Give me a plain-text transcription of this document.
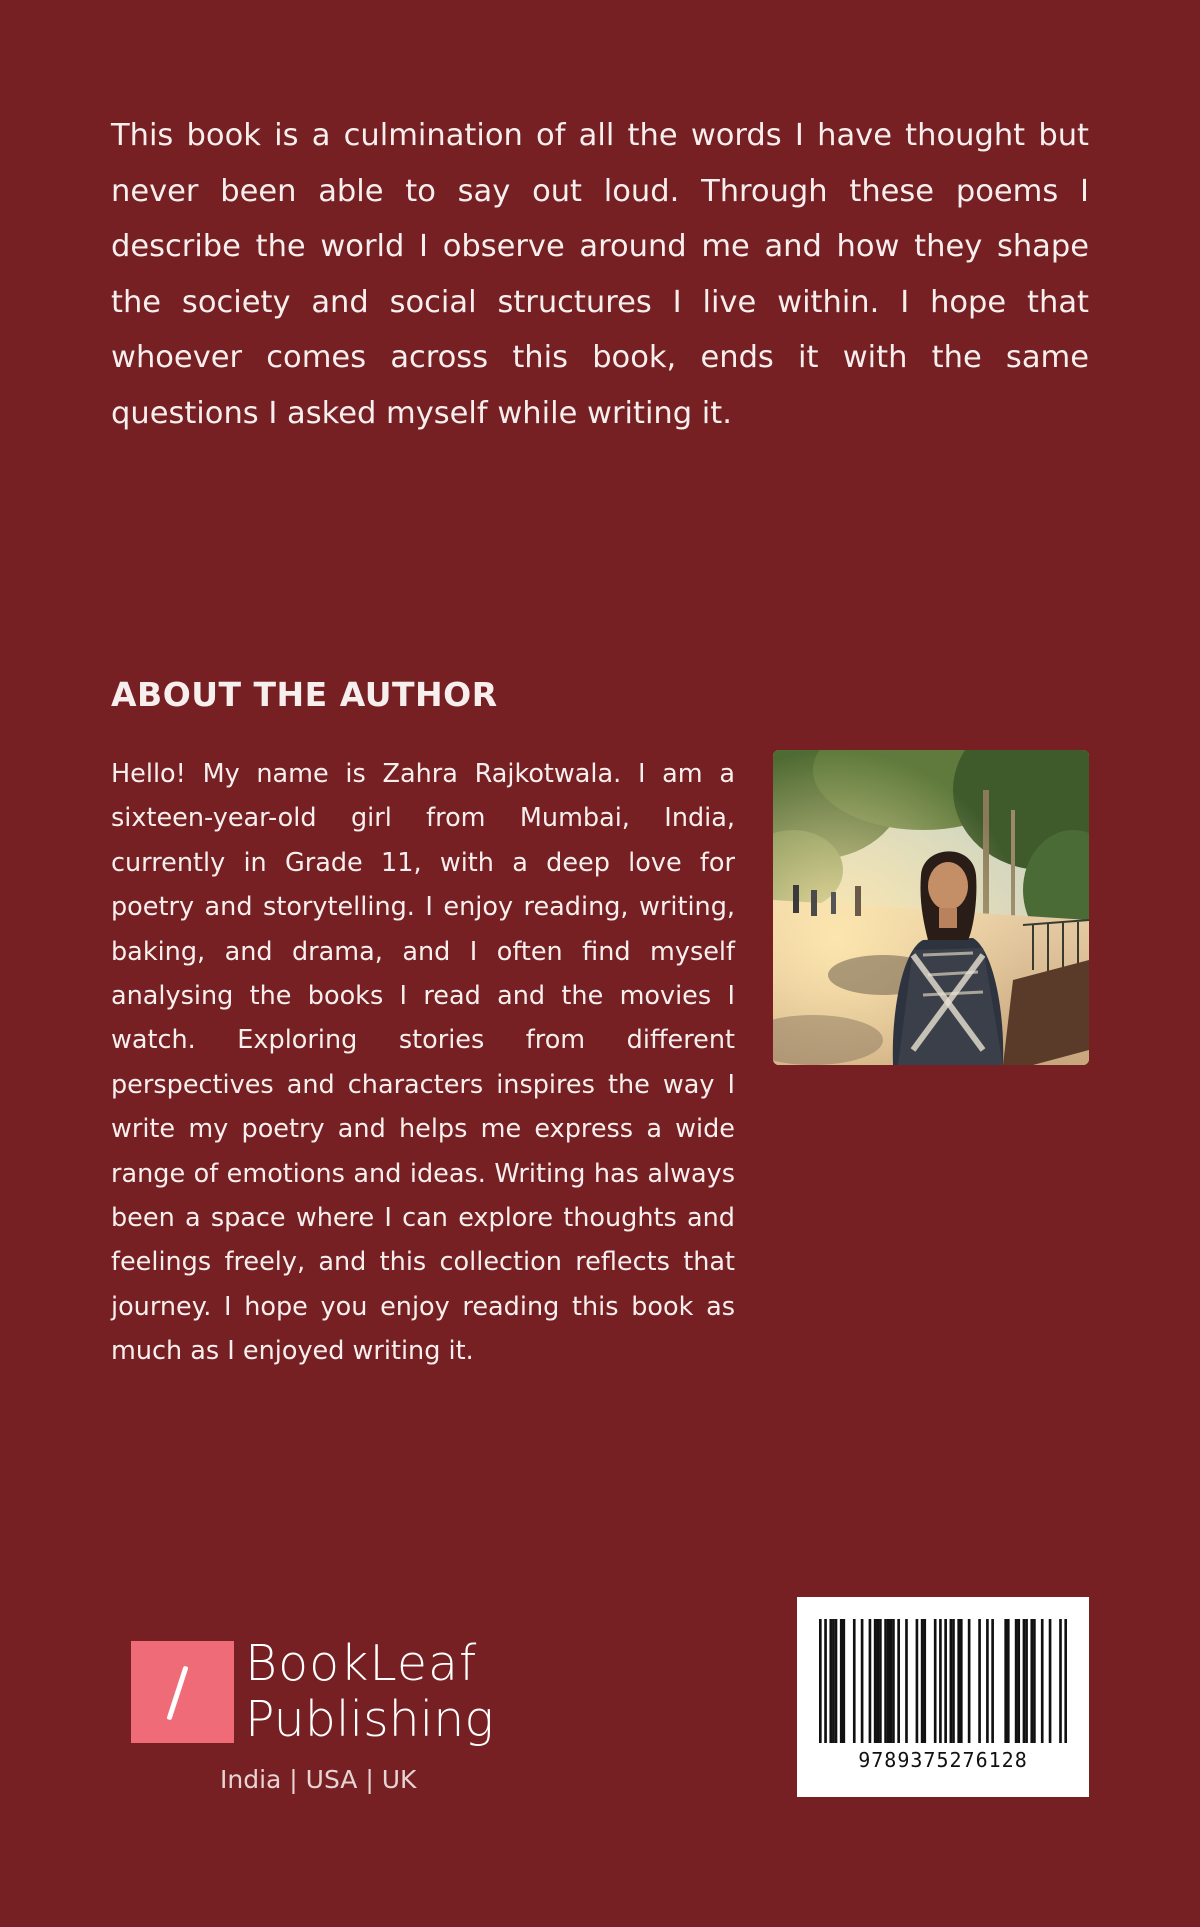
This book is a culmination of all the words I have thought but never been able to say out loud. Through these poems I describe the world I observe around me and how they shape the society and social structures I live within. I hope that whoever comes across this book, ends it with the same questions I asked myself while writing it.

ABOUT THE AUTHOR

Hello! My name is Zahra Rajkotwala. I am a sixteen-year-old girl from Mumbai, India, currently in Grade 11, with a deep love for poetry and storytelling. I enjoy reading, writing, baking, and drama, and I often find myself analysing the books I read and the movies I watch. Exploring stories from different perspectives and characters inspires the way I write my poetry and helps me express a wide range of emotions and ideas. Writing has always been a space where I can explore thoughts and feelings freely, and this collection reflects that journey. I hope you enjoy reading this book as much as I enjoyed writing it.

BookLeaf
Publishing
India | USA | UK
9789375276128
